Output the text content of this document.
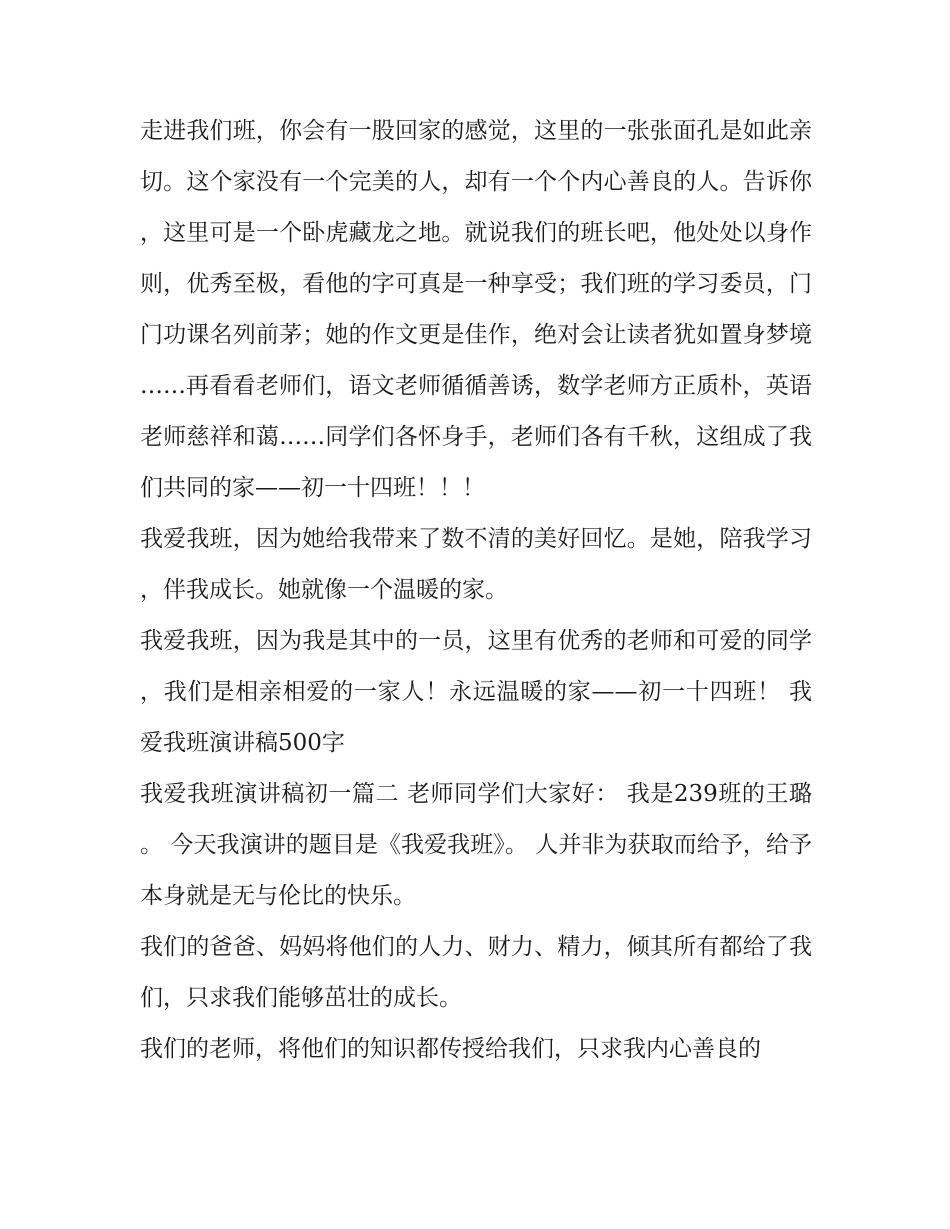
走进我们班，你会有一股回家的感觉，这里的一张张面孔是如此亲切。这个家没有一个完美的人，却有一个个内心善良的人。告诉你，这里可是一个卧虎藏龙之地。就说我们的班长吧，他处处以身作则，优秀至极，看他的字可真是一种享受；我们班的学习委员，门门功课名列前茅；她的作文更是佳作，绝对会让读者犹如置身梦境……再看看老师们，语文老师循循善诱，数学老师方正质朴，英语老师慈祥和蔼……同学们各怀身手，老师们各有千秋，这组成了我们共同的家——初一十四班！！！

我爱我班，因为她给我带来了数不清的美好回忆。是她，陪我学习，伴我成长。她就像一个温暖的家。

我爱我班，因为我是其中的一员，这里有优秀的老师和可爱的同学，我们是相亲相爱的一家人！永远温暖的家——初一十四班！ 我爱我班演讲稿500字

我爱我班演讲稿初一篇二 老师同学们大家好： 我是239班的王璐。 今天我演讲的题目是《我爱我班》。 人并非为获取而给予，给予本身就是无与伦比的快乐。

我们的爸爸、妈妈将他们的人力、财力、精力，倾其所有都给了我们，只求我们能够茁壮的成长。

我们的老师，将他们的知识都传授给我们，只求我内心善良的
